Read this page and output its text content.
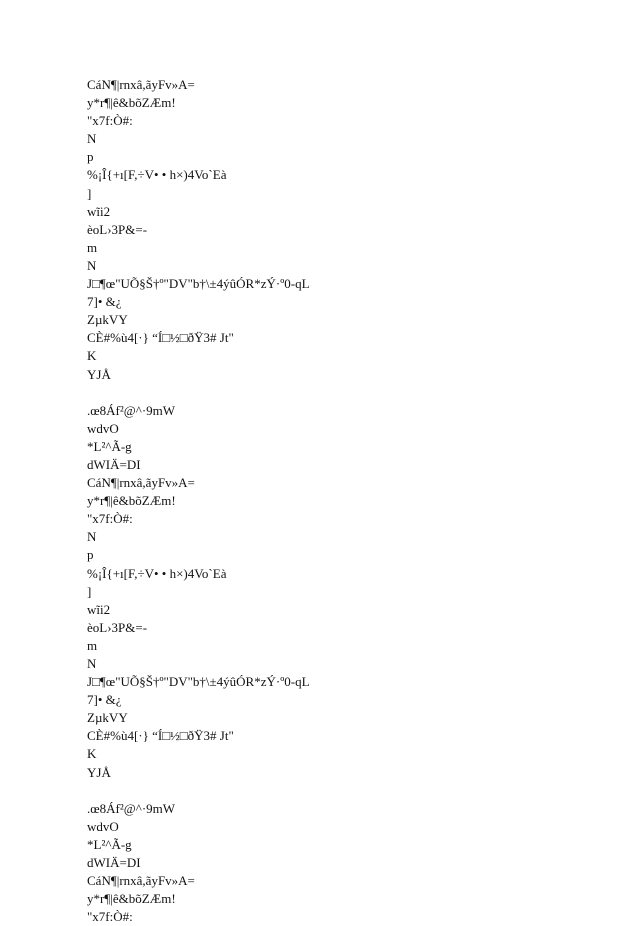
CáN¶|rnxâ,ãyFv»A=
y*r¶|ê&bõZÆm!
"x7f:Ò#:
N
p
%¡Î{+ı[F,÷V• • h×)4Vo`Eà
]
wĩi2
èoL›3P&=-
m
N
J□¶œ"UÕ§Š†º"DV"b†\±4ýûÓR*zÝ·º0-qL
7]• &¿
ZµkVY
CÈ#%ù4[·} “Í□½□ðŸ3# Jt"
K
YJÅ
.œ8Áf²@^·9mW
wdvO
*L²^Ã-g
dWIÄ=DI
CáN¶|rnxâ,ãyFv»A=
y*r¶|ê&bõZÆm!
"x7f:Ò#:
N
p
%¡Î{+ı[F,÷V• • h×)4Vo`Eà
]
wĩi2
èoL›3P&=-
m
N
J□¶œ"UÕ§Š†º"DV"b†\±4ýûÓR*zÝ·º0-qL
7]• &¿
ZµkVY
CÈ#%ù4[·} “Í□½□ðŸ3# Jt"
K
YJÅ
.œ8Áf²@^·9mW
wdvO
*L²^Ã-g
dWIÄ=DI
CáN¶|rnxâ,ãyFv»A=
y*r¶|ê&bõZÆm!
"x7f:Ò#:
